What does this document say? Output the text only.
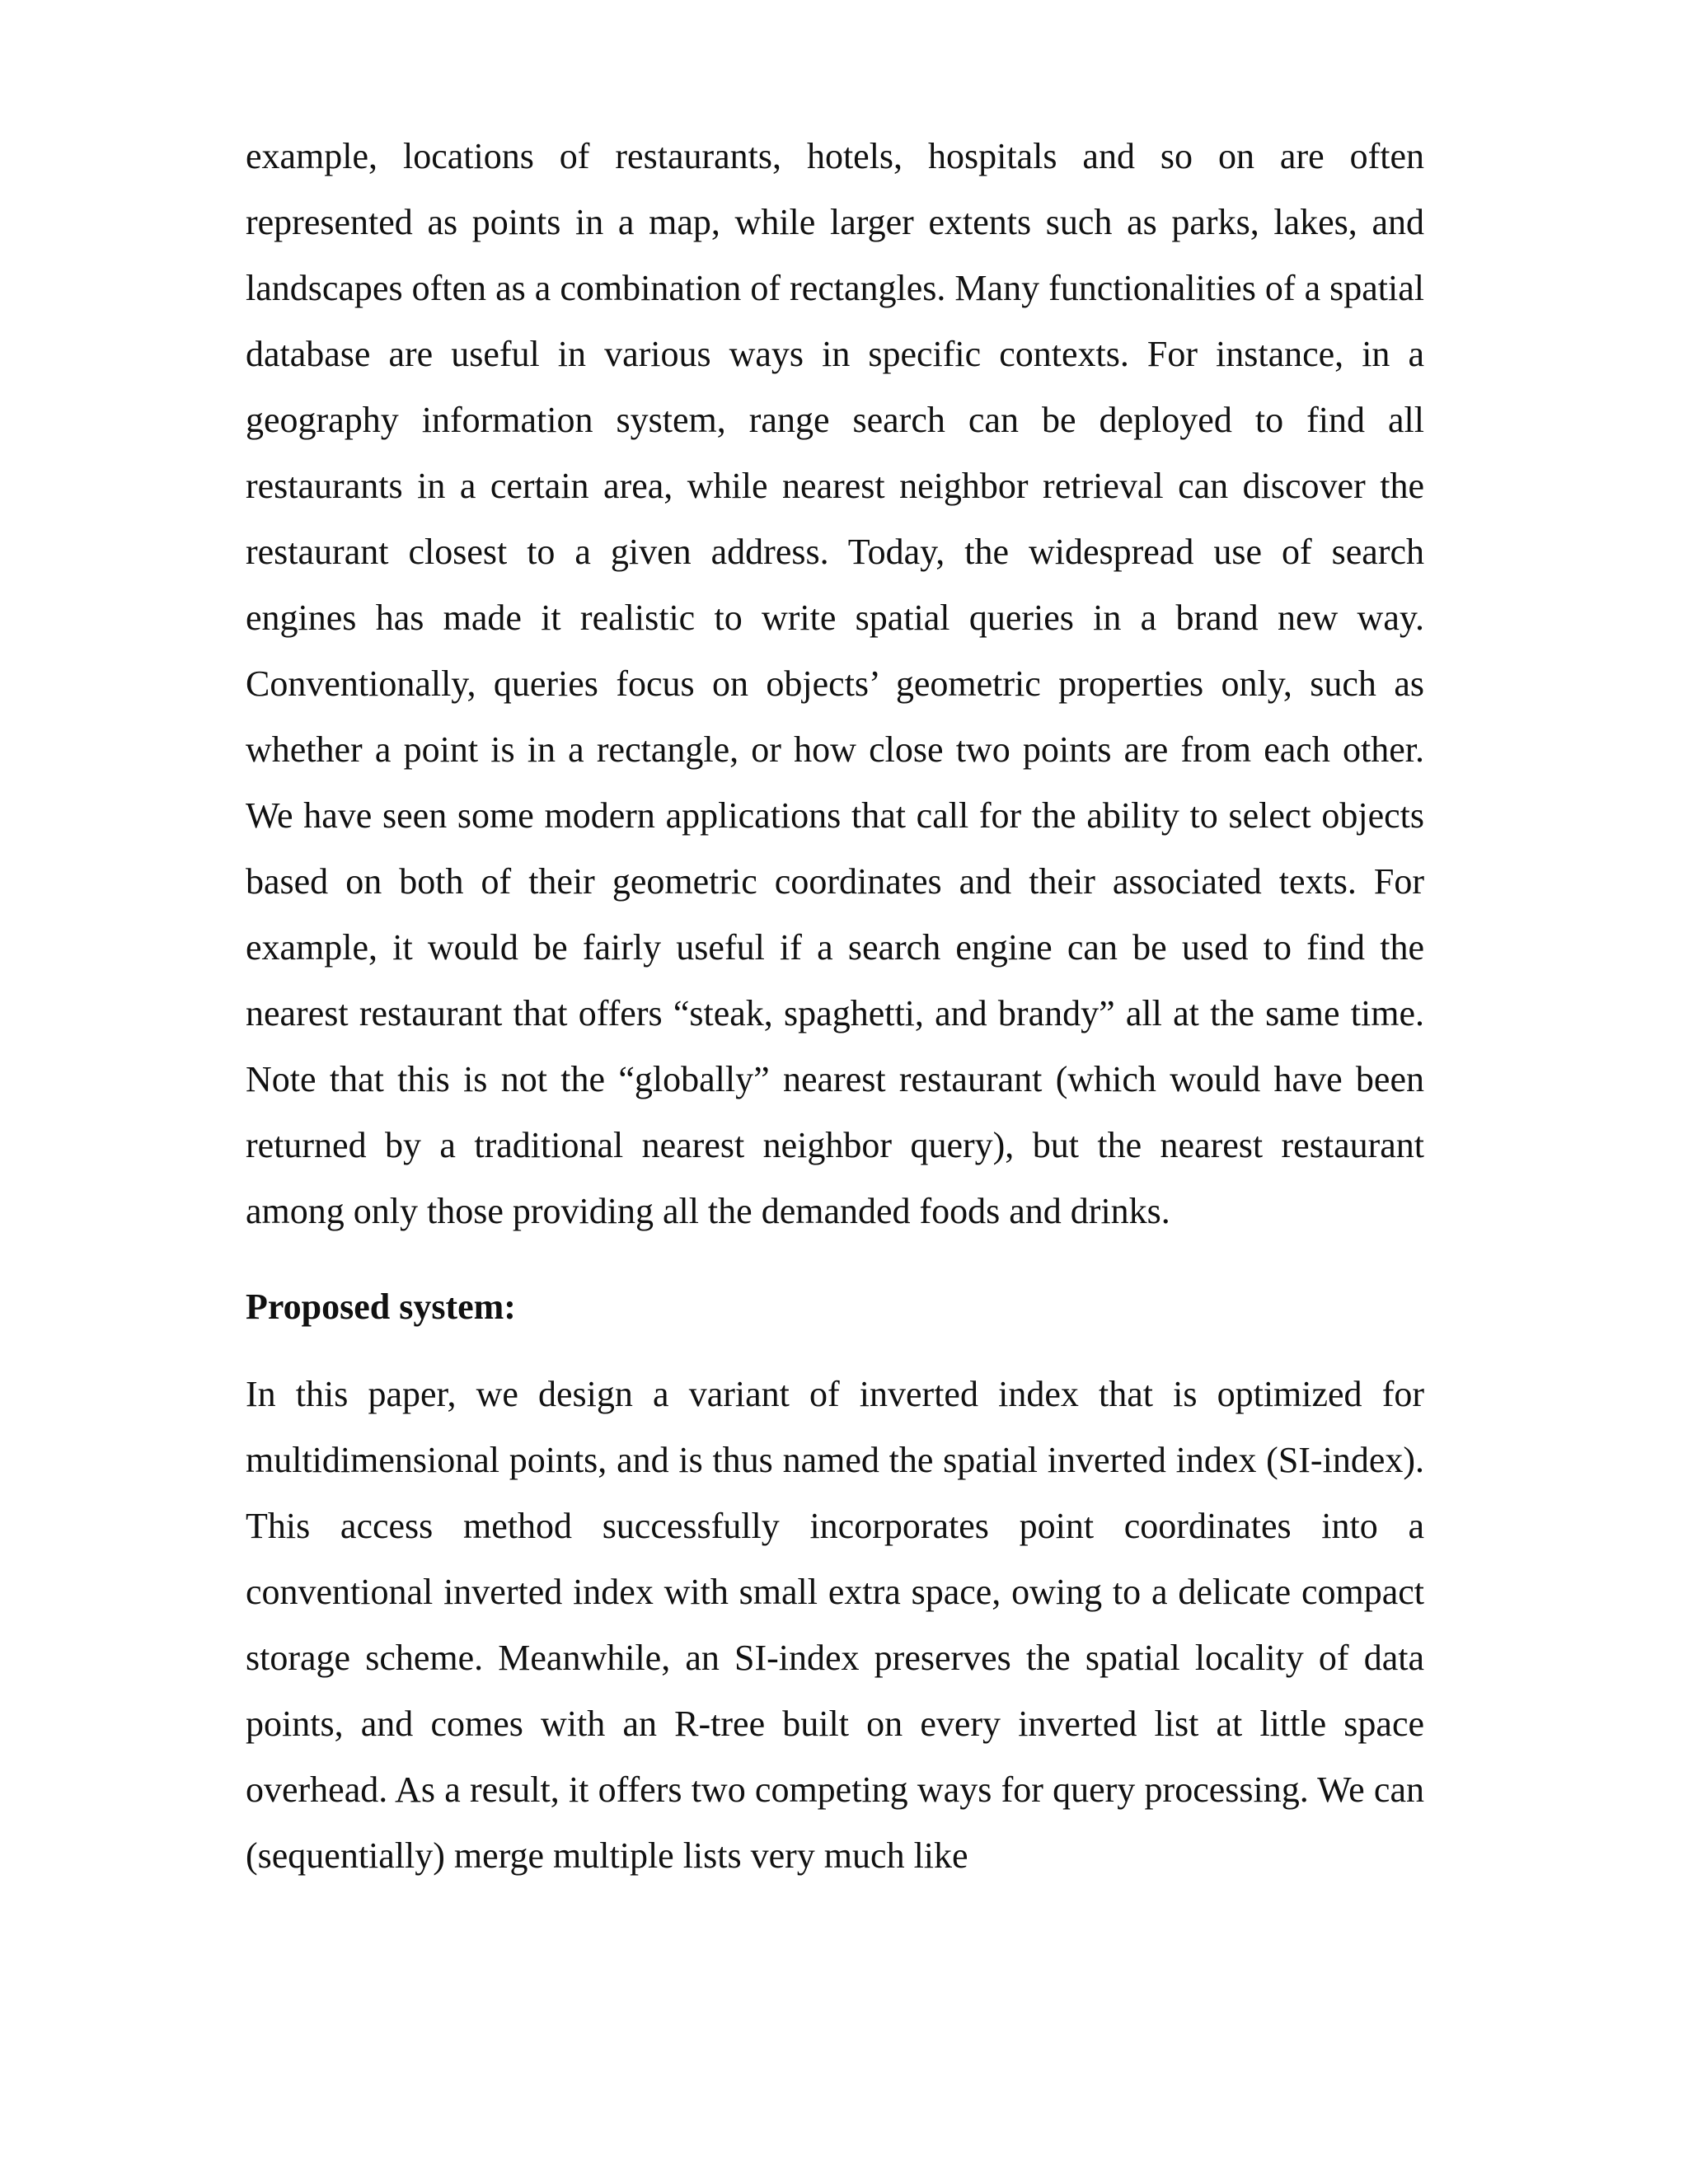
example, locations of restaurants, hotels, hospitals and so on are often represented as points in a map, while larger extents such as parks, lakes, and landscapes often as a combination of rectangles. Many functionalities of a spatial database are useful in various ways in specific contexts. For instance, in a geography information system, range search can be deployed to find all restaurants in a certain area, while nearest neighbor retrieval can discover the restaurant closest to a given address. Today, the widespread use of search engines has made it realistic to write spatial queries in a brand new way. Conventionally, queries focus on objects’ geometric properties only, such as whether a point is in a rectangle, or how close two points are from each other. We have seen some modern applications that call for the ability to select objects based on both of their geometric coordinates and their associated texts. For example, it would be fairly useful if a search engine can be used to find the nearest restaurant that offers “steak, spaghetti, and brandy” all at the same time. Note that this is not the “globally” nearest restaurant (which would have been returned by a traditional nearest neighbor query), but the nearest restaurant among only those providing all the demanded foods and drinks.

Proposed system:

In this paper, we design a variant of inverted index that is optimized for multidimensional points, and is thus named the spatial inverted index (SI-index). This access method successfully incorporates point coordinates into a conventional inverted index with small extra space, owing to a delicate compact storage scheme. Meanwhile, an SI-index preserves the spatial locality of data points, and comes with an R-tree built on every inverted list at little space overhead. As a result, it offers two competing ways for query processing. We can (sequentially) merge multiple lists very much like
